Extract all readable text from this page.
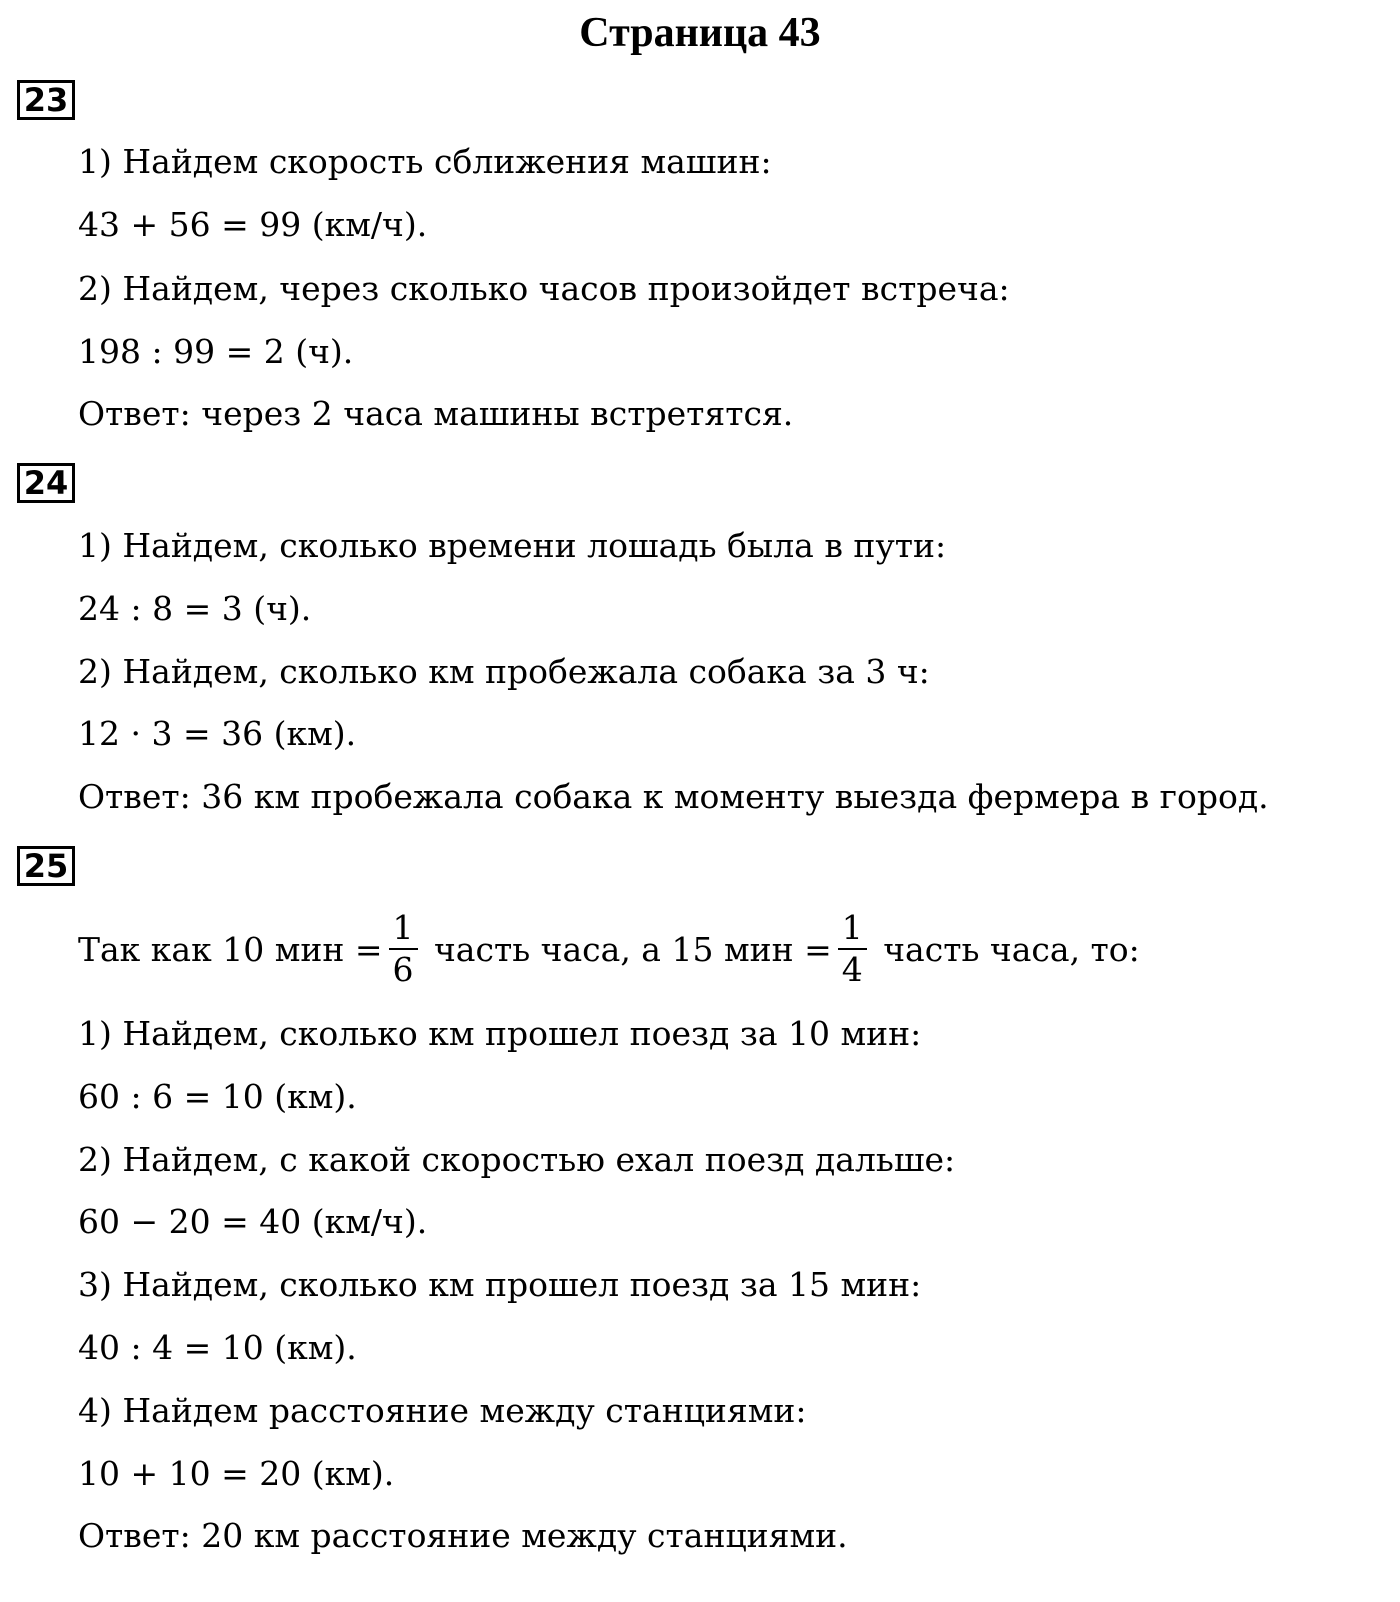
Страница 43
23
1) Найдем скорость сближения машин:
43 + 56 = 99 (км/ч).
2) Найдем, через сколько часов произойдет встреча:
198 : 99 = 2 (ч).
Ответ: через 2 часа машины встретятся.
24
1) Найдем, сколько времени лошадь была в пути:
24 : 8 = 3 (ч).
2) Найдем, сколько км пробежала собака за 3 ч:
12 · 3 = 36 (км).
Ответ: 36 км пробежала собака к моменту выезда фермера в город.
25
Так как 10 мин = $\frac{1}{6}$ часть часа, а 15 мин = $\frac{1}{4}$ часть часа, то:
1) Найдем, сколько км прошел поезд за 10 мин:
60 : 6 = 10 (км).
2) Найдем, с какой скоростью ехал поезд дальше:
60 − 20 = 40 (км/ч).
3) Найдем, сколько км прошел поезд за 15 мин:
40 : 4 = 10 (км).
4) Найдем расстояние между станциями:
10 + 10 = 20 (км).
Ответ: 20 км расстояние между станциями.
